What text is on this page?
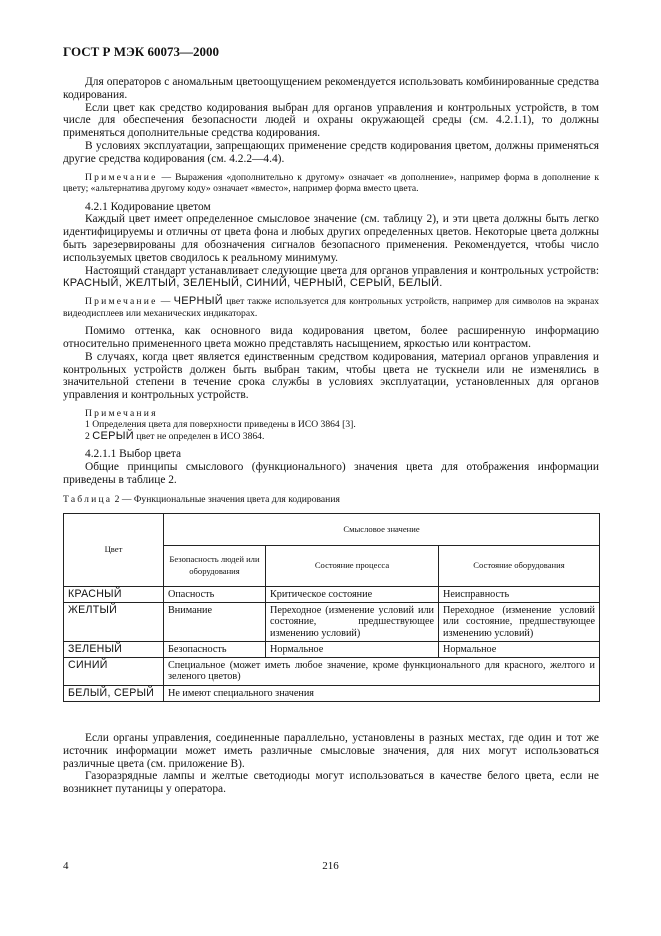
ГОСТ Р МЭК 60073—2000

Для операторов с аномальным цветоощущением рекомендуется использовать комбинированные средства кодирования.

Если цвет как средство кодирования выбран для органов управления и контрольных устройств, в том числе для обеспечения безопасности людей и охраны окружающей среды (см. 4.2.1.1), то должны применяться дополнительные средства кодирования.

В условиях эксплуатации, запрещающих применение средств кодирования цветом, должны применяться другие средства кодирования (см. 4.2.2—4.4).

Примечание — Выражения «дополнительно к другому» означает «в дополнение», например форма в дополнение к цвету; «альтернатива другому коду» означает «вместо», например форма вместо цвета.

4.2.1 Кодирование цветом

Каждый цвет имеет определенное смысловое значение (см. таблицу 2), и эти цвета должны быть легко идентифицируемы и отличны от цвета фона и любых других определенных цветов. Некоторые цвета должны быть зарезервированы для обозначения сигналов безопасного применения. Рекомендуется, чтобы число используемых цветов сводилось к реальному минимуму.

Настоящий стандарт устанавливает следующие цвета для органов управления и контрольных устройств: КРАСНЫЙ, ЖЕЛТЫЙ, ЗЕЛЕНЫЙ, СИНИЙ, ЧЕРНЫЙ, СЕРЫЙ, БЕЛЫЙ.

Примечание — ЧЕРНЫЙ цвет также используется для контрольных устройств, например для символов на экранах видеодисплеев или механических индикаторах.

Помимо оттенка, как основного вида кодирования цветом, более расширенную информацию относительно примененного цвета можно представлять насыщением, яркостью или контрастом.

В случаях, когда цвет является единственным средством кодирования, материал органов управления и контрольных устройств должен быть выбран таким, чтобы цвета не тускнели или не изменялись в значительной степени в течение срока службы в условиях эксплуатации, установленных для органов управления и контрольных устройств.

Примечания

1 Определения цвета для поверхности приведены в ИСО 3864 [3].

2 СЕРЫЙ цвет не определен в ИСО 3864.

4.2.1.1 Выбор цвета

Общие принципы смыслового (функционального) значения цвета для отображения информации приведены в таблице 2.

Таблица 2 — Функциональные значения цвета для кодирования

Цвет	Смысловое значение		
	Безопасность людей или оборудования	Состояние процесса	Состояние оборудования
КРАСНЫЙ	Опасность	Критическое состояние	Неисправность
ЖЕЛТЫЙ	Внимание	Переходное (изменение условий или состояние, предшествующее изменению условий)	Переходное (изменение условий или состояние, предшествующее изменению условий)
ЗЕЛЕНЫЙ	Безопасность	Нормальное	Нормальное
СИНИЙ	Специальное (может иметь любое значение, кроме функционального для красного, желтого и зеленого цветов)		
БЕЛЫЙ, СЕРЫЙ	Не имеют специального значения		

Если органы управления, соединенные параллельно, установлены в разных местах, где один и тот же источник информации может иметь различные смысловые значения, для них могут использоваться различные цвета (см. приложение В).

Газоразрядные лампы и желтые светодиоды могут использоваться в качестве белого цвета, если не возникнет путаницы у оператора.

216
4
